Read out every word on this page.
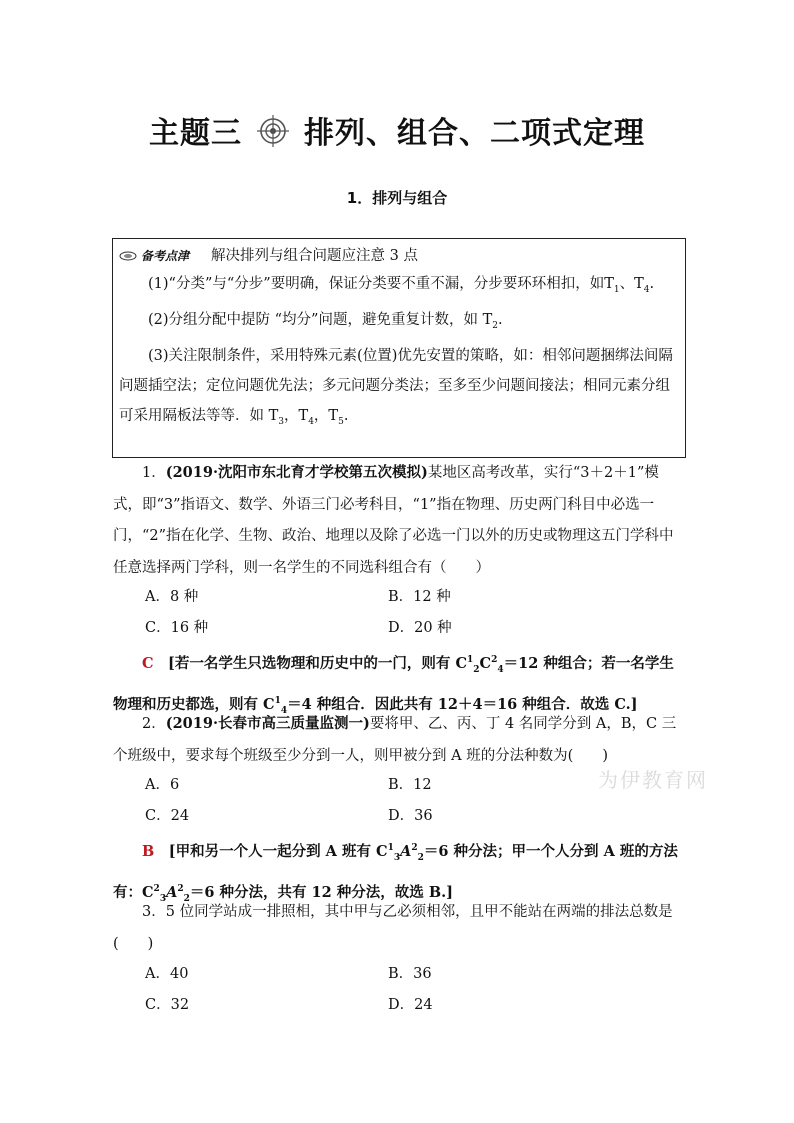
主题三 排列、组合、二项式定理
1．排列与组合

备考点津 解决排列与组合问题应注意 3 点

(1)“分类”与“分步”要明确，保证分类要不重不漏，分步要环环相扣，如$T_1$、$T_4$.

(2)分组分配中提防 “均分”问题，避免重复计数，如 $T_2$.

(3)关注限制条件，采用特殊元素(位置)优先安置的策略，如：相邻问题捆绑法间隔问题插空法；定位问题优先法；多元问题分类法；至多至少问题间接法；相同元素分组可采用隔板法等等．如 $T_3$，$T_4$，$T_5$.

1．(2019·沈阳市东北育才学校第五次模拟)某地区高考改革，实行“3＋2＋1”模式，即“3”指语文、数学、外语三门必考科目，“1”指在物理、历史两门科目中必选一门，“2”指在化学、生物、政治、地理以及除了必选一门以外的历史或物理这五门学科中任意选择两门学科，则一名学生的不同选科组合有（　　）

A．8 种	B．12 种
C．16 种	D．20 种

C　 [若一名学生只选物理和历史中的一门，则有 $C^1_2C^2_4=12$ 种组合；若一名学生物理和历史都选，则有 $C^1_4=4$ 种组合．因此共有 12＋4＝16 种组合．故选 C.]

2．(2019·长春市高三质量监测一)要将甲、乙、丙、丁 4 名同学分到 A，B，C 三个班级中，要求每个班级至少分到一人，则甲被分到 A 班的分法种数为(　　)

A．6	B．12
C．24	D．36

B　 [甲和另一个人一起分到 A 班有 $C^1_3A^2_2=6$ 种分法；甲一个人分到 A 班的方法有：$C^2_3A^2_2=6$ 种分法，共有 12 种分法，故选 B.]

3．5 位同学站成一排照相，其中甲与乙必须相邻，且甲不能站在两端的排法总数是(　　)

A．40	B．36
C．32	D．24
为伊教育网
